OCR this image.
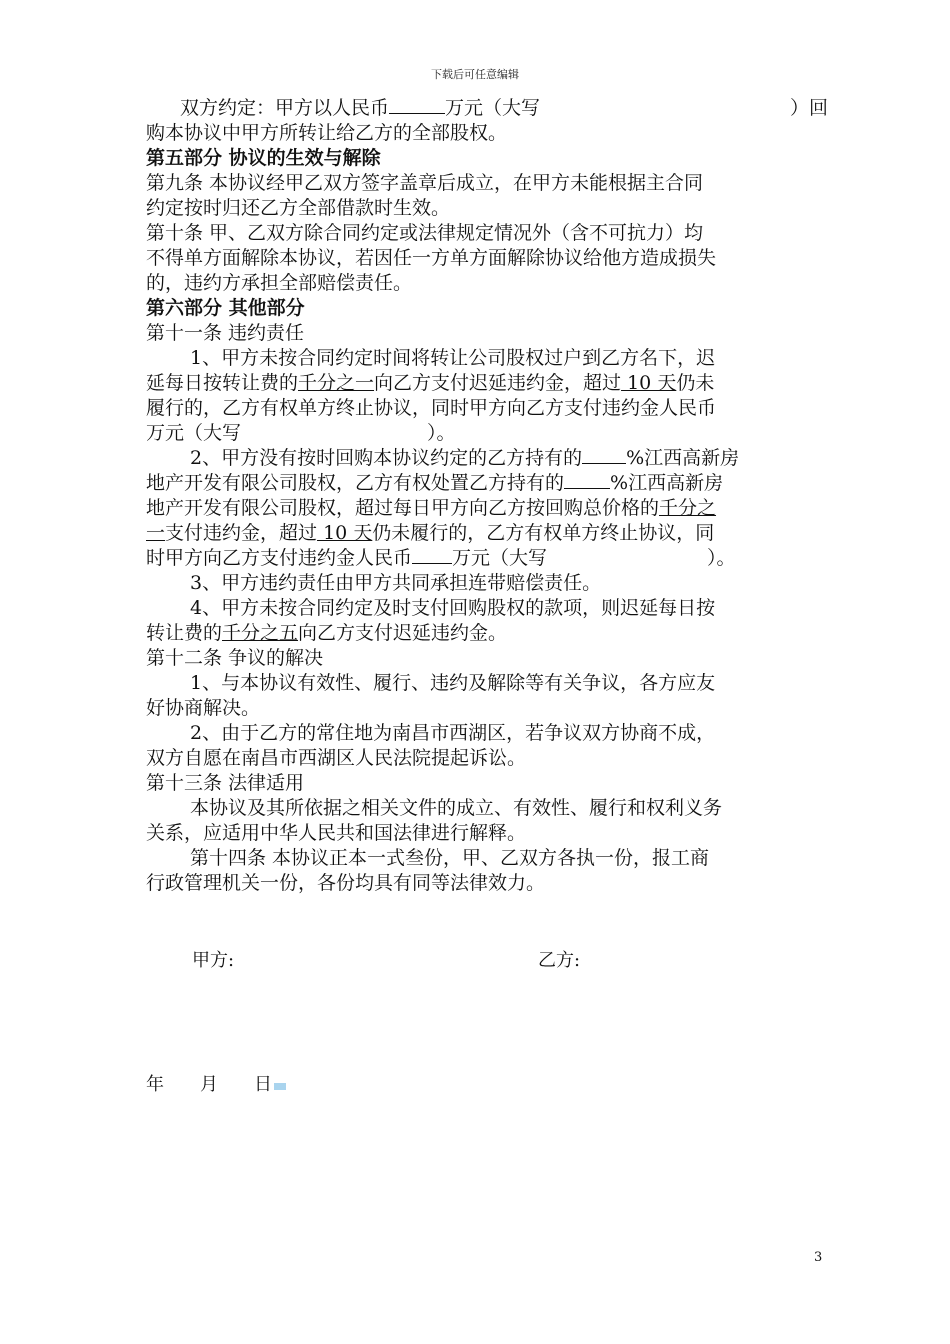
下载后可任意编辑
双方约定：甲方以人民币	万元（大写	）回
购本协议中甲方所转让给乙方的全部股权。
第五部分 协议的生效与解除
第九条 本协议经甲乙双方签字盖章后成立，在甲方未能根据主合同
约定按时归还乙方全部借款时生效。
第十条 甲、乙双方除合同约定或法律规定情况外（含不可抗力）均
不得单方面解除本协议，若因任一方单方面解除协议给他方造成损失
的，违约方承担全部赔偿责任。
第六部分 其他部分
第十一条 违约责任
1、甲方未按合同约定时间将转让公司股权过户到乙方名下，迟
延每日按转让费的千分之一向乙方支付迟延违约金，超过 10 天仍未
履行的，乙方有权单方终止协议，同时甲方向乙方支付违约金人民币
万元（大写	）。
2、甲方没有按时回购本协议约定的乙方持有的 %江西高新房
地产开发有限公司股权，乙方有权处置乙方持有的 %江西高新房
地产开发有限公司股权，超过每日甲方向乙方按回购总价格的千分之
一支付违约金，超过 10 天仍未履行的，乙方有权单方终止协议，同
时甲方向乙方支付违约金人民币 万元（大写	）。
3、甲方违约责任由甲方共同承担连带赔偿责任。
4、甲方未按合同约定及时支付回购股权的款项，则迟延每日按
转让费的千分之五向乙方支付迟延违约金。
第十二条 争议的解决
1、与本协议有效性、履行、违约及解除等有关争议，各方应友
好协商解决。
2、由于乙方的常住地为南昌市西湖区，若争议双方协商不成，
双方自愿在南昌市西湖区人民法院提起诉讼。
第十三条 法律适用
本协议及其所依据之相关文件的成立、有效性、履行和权利义务
关系，应适用中华人民共和国法律进行解释。
第十四条 本协议正本一式叁份，甲、乙双方各执一份，报工商
行政管理机关一份，各份均具有同等法律效力。
甲方:	乙方:
年 月 日
3
